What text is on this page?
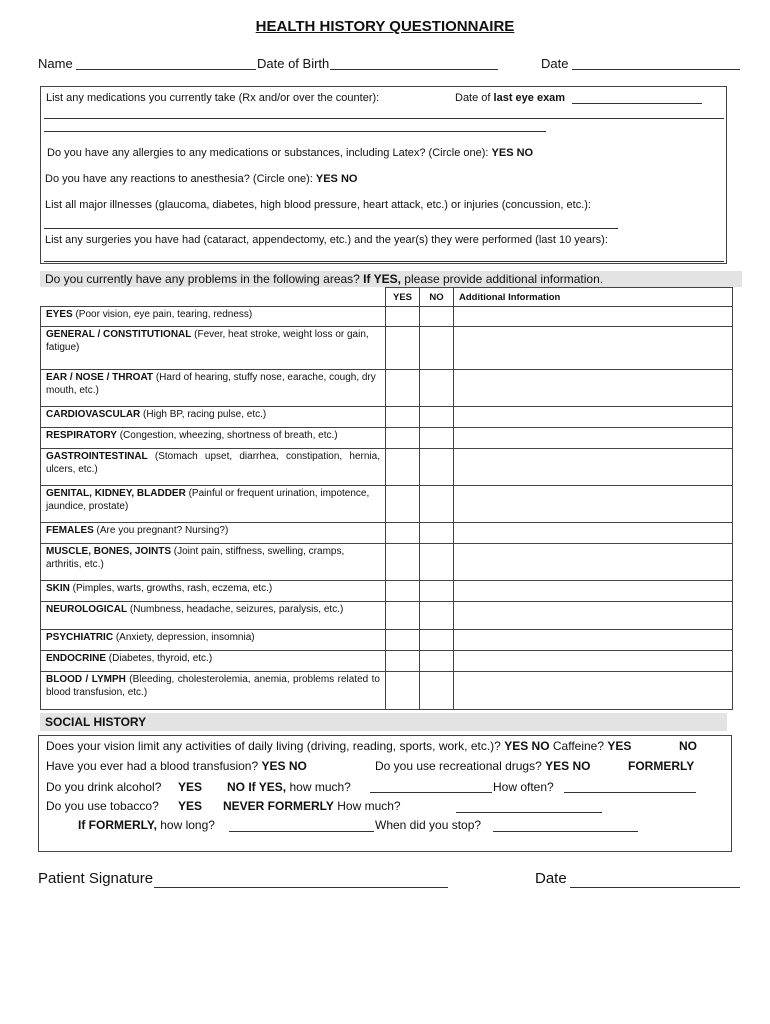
HEALTH HISTORY QUESTIONNAIRE
Name	Date of Birth	Date
List any medications you currently take (Rx and/or over the counter):	Date of last eye exam
Do you have any allergies to any medications or substances, including Latex? (Circle one): YES NO
Do you have any reactions to anesthesia? (Circle one): YES NO
List all major illnesses (glaucoma, diabetes, high blood pressure, heart attack, etc.) or injuries (concussion, etc.):
List any surgeries you have had (cataract, appendectomy, etc.) and the year(s) they were performed (last 10 years):
Do you currently have any problems in the following areas? If YES, please provide additional information.
	YES	NO	Additional Information
EYES (Poor vision, eye pain, tearing, redness)			
GENERAL / CONSTITUTIONAL (Fever, heat stroke, weight loss or gain, fatigue)			
EAR / NOSE / THROAT (Hard of hearing, stuffy nose, earache, cough, dry mouth, etc.)			
CARDIOVASCULAR (High BP, racing pulse, etc.)			
RESPIRATORY (Congestion, wheezing, shortness of breath, etc.)			
GASTROINTESTINAL (Stomach upset, diarrhea, constipation, hernia, ulcers, etc.)			
GENITAL, KIDNEY, BLADDER (Painful or frequent urination, impotence, jaundice, prostate)			
FEMALES (Are you pregnant? Nursing?)			
MUSCLE, BONES, JOINTS (Joint pain, stiffness, swelling, cramps, arthritis, etc.)			
SKIN (Pimples, warts, growths, rash, eczema, etc.)			
NEUROLOGICAL (Numbness, headache, seizures, paralysis, etc.)			
PSYCHIATRIC (Anxiety, depression, insomnia)			
ENDOCRINE (Diabetes, thyroid, etc.)			
BLOOD / LYMPH (Bleeding, cholesterolemia, anemia, problems related to blood transfusion, etc.)			
SOCIAL HISTORY
Does your vision limit any activities of daily living (driving, reading, sports, work, etc.)? YES NO Caffeine? YES	NO
Have you ever had a blood transfusion? YES NO	Do you use recreational drugs? YES NO	FORMERLY
Do you drink alcohol? YES NO If YES, how much?	How often?
Do you use tobacco? YES NEVER FORMERLY How much?
If FORMERLY, how long?	When did you stop?
Patient Signature	Date
